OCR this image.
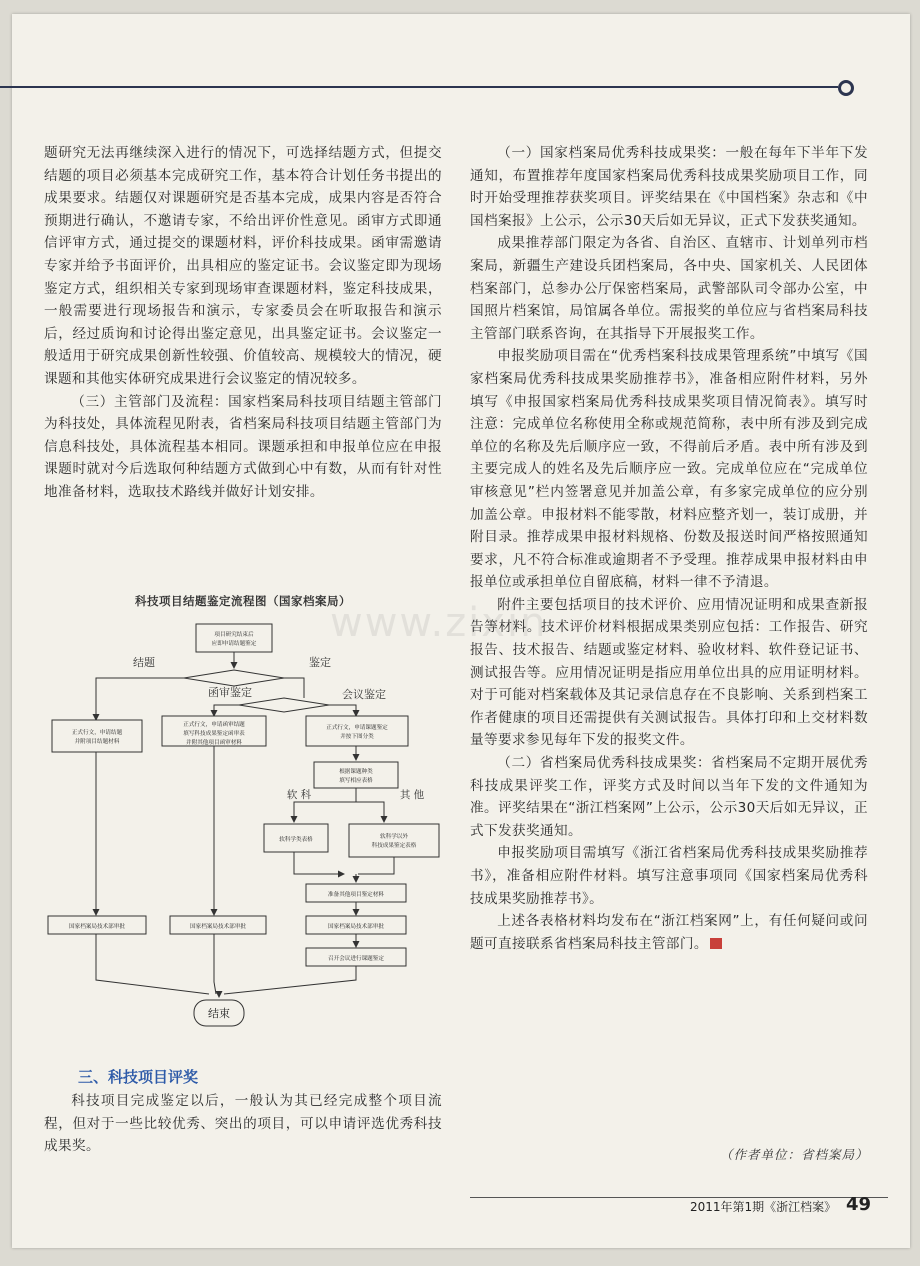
题研究无法再继续深入进行的情况下，可选择结题方式，但提交结题的项目必须基本完成研究工作，基本符合计划任务书提出的成果要求。结题仅对课题研究是否基本完成，成果内容是否符合预期进行确认，不邀请专家，不给出评价性意见。函审方式即通信评审方式，通过提交的课题材料，评价科技成果。函审需邀请专家并给予书面评价，出具相应的鉴定证书。会议鉴定即为现场鉴定方式，组织相关专家到现场审查课题材料，鉴定科技成果，一般需要进行现场报告和演示，专家委员会在听取报告和演示后，经过质询和讨论得出鉴定意见，出具鉴定证书。会议鉴定一般适用于研究成果创新性较强、价值较高、规模较大的情况，硬课题和其他实体研究成果进行会议鉴定的情况较多。

（三）主管部门及流程：国家档案局科技项目结题主管部门为科技处，具体流程见附表，省档案局科技项目结题主管部门为信息科技处，具体流程基本相同。课题承担和申报单位应在申报课题时就对今后选取何种结题方式做到心中有数，从而有针对性地准备材料，选取技术路线并做好计划安排。

科技项目结题鉴定流程图（国家档案局）
www.zixin
结题	鉴定
函审鉴定	会议鉴定
项目研究结束后应即申请结题鉴定
正式行文，申请结题并附项目结题材料
正式行文，申请函审结题填写科技成果鉴定函审表并附其他项目函审材料
正式行文，申请课题鉴定并按下图分类
根据课题种类填写相应表格
软科学以外科技成果鉴定表格
软 科	其 他
准备其他项目鉴定材料
国家档案局技术部审批	国家档案局技术部审批	国家档案局技术部审批
召开会议进行课题鉴定
软科学类表格
结束
三、科技项目评奖

科技项目完成鉴定以后，一般认为其已经完成整个项目流程，但对于一些比较优秀、突出的项目，可以申请评选优秀科技成果奖。

（一）国家档案局优秀科技成果奖：一般在每年下半年下发通知，布置推荐年度国家档案局优秀科技成果奖励项目工作，同时开始受理推荐获奖项目。评奖结果在《中国档案》杂志和《中国档案报》上公示，公示30天后如无异议，正式下发获奖通知。

成果推荐部门限定为各省、自治区、直辖市、计划单列市档案局，新疆生产建设兵团档案局，各中央、国家机关、人民团体档案部门，总参办公厅保密档案局，武警部队司令部办公室，中国照片档案馆，局馆属各单位。需报奖的单位应与省档案局科技主管部门联系咨询，在其指导下开展报奖工作。

申报奖励项目需在“优秀档案科技成果管理系统”中填写《国家档案局优秀科技成果奖励推荐书》，准备相应附件材料，另外填写《申报国家档案局优秀科技成果奖项目情况简表》。填写时注意：完成单位名称使用全称或规范简称，表中所有涉及到完成单位的名称及先后顺序应一致，不得前后矛盾。表中所有涉及到主要完成人的姓名及先后顺序应一致。完成单位应在“完成单位审核意见”栏内签署意见并加盖公章，有多家完成单位的应分别加盖公章。申报材料不能零散，材料应整齐划一，装订成册，并附目录。推荐成果申报材料规格、份数及报送时间严格按照通知要求，凡不符合标准或逾期者不予受理。推荐成果申报材料由申报单位或承担单位自留底稿，材料一律不予清退。

附件主要包括项目的技术评价、应用情况证明和成果查新报告等材料。技术评价材料根据成果类别应包括：工作报告、研究报告、技术报告、结题或鉴定材料、验收材料、软件登记证书、测试报告等。应用情况证明是指应用单位出具的应用证明材料。对于可能对档案载体及其记录信息存在不良影响、关系到档案工作者健康的项目还需提供有关测试报告。具体打印和上交材料数量等要求参见每年下发的报奖文件。

（二）省档案局优秀科技成果奖：省档案局不定期开展优秀科技成果评奖工作，评奖方式及时间以当年下发的文件通知为准。评奖结果在“浙江档案网”上公示，公示30天后如无异议，正式下发获奖通知。

申报奖励项目需填写《浙江省档案局优秀科技成果奖励推荐书》，准备相应附件材料。填写注意事项同《国家档案局优秀科技成果奖励推荐书》。

上述各表格材料均发布在“浙江档案网”上，有任何疑问或问题可直接联系省档案局科技主管部门。

（作者单位：省档案局）
2011年第1期《浙江档案》 49
